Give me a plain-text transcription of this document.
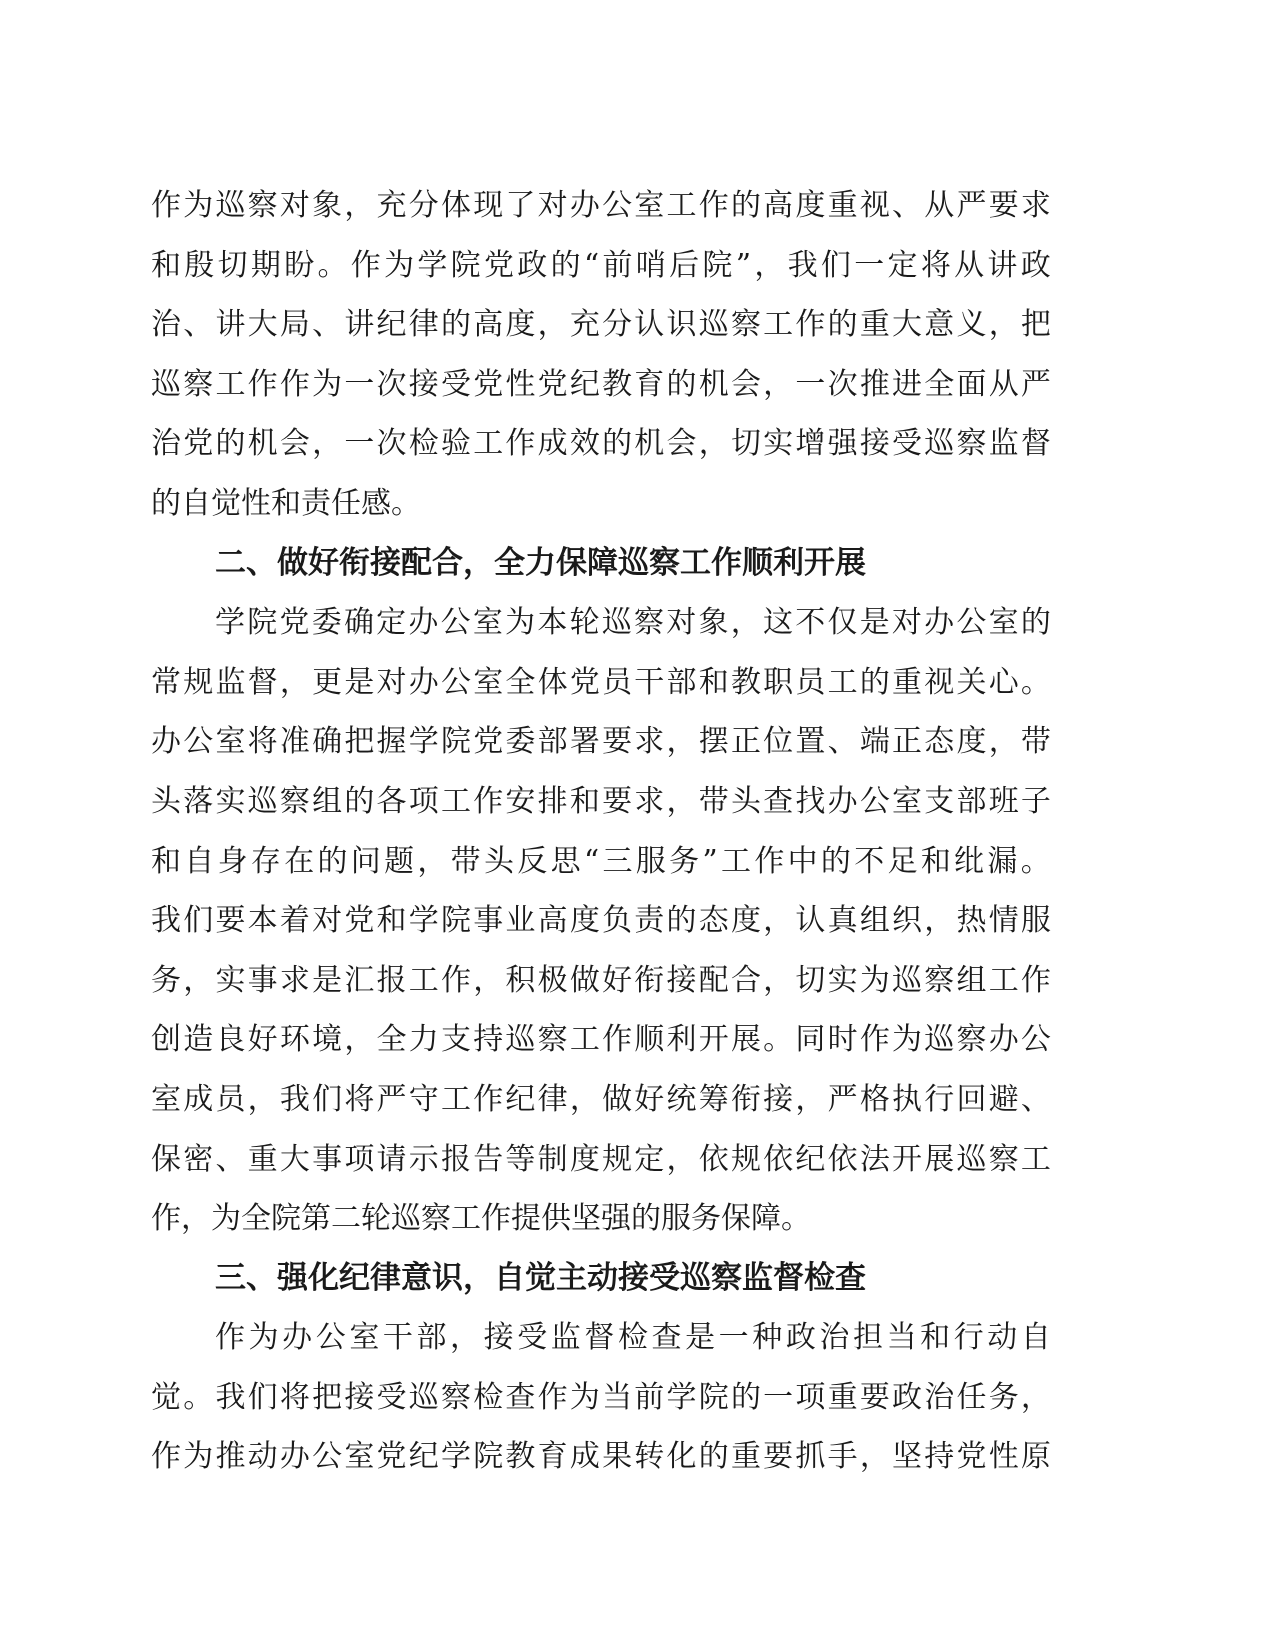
作 为 巡 察 对 象 ， 充 分 体 现 了 对 办 公 室 工 作 的 高 度 重 视 、 从 严 要 求
和 殷 切 期 盼 。 作 为 学 院 党 政 的 “ 前 哨 后 院 ” ， 我 们 一 定 将 从 讲 政
治 、 讲 大 局 、 讲 纪 律 的 高 度 ， 充 分 认 识 巡 察 工 作 的 重 大 意 义 ， 把
巡 察 工 作 作 为 一 次 接 受 党 性 党 纪 教 育 的 机 会 ， 一 次 推 进 全 面 从 严
治 党 的 机 会 ， 一 次 检 验 工 作 成 效 的 机 会 ， 切 实 增 强 接 受 巡 察 监 督
的自觉性和责任感。
二、做好衔接配合，全力保障巡察工作顺利开展
学 院 党 委 确 定 办 公 室 为 本 轮 巡 察 对 象 ， 这 不 仅 是 对 办 公 室 的
常 规 监 督 ， 更 是 对 办 公 室 全 体 党 员 干 部 和 教 职 员 工 的 重 视 关 心 。
办 公 室 将 准 确 把 握 学 院 党 委 部 署 要 求 ， 摆 正 位 置 、 端 正 态 度 ， 带
头 落 实 巡 察 组 的 各 项 工 作 安 排 和 要 求 ， 带 头 查 找 办 公 室 支 部 班 子
和 自 身 存 在 的 问 题 ， 带 头 反 思 “ 三 服 务 ” 工 作 中 的 不 足 和 纰 漏 。
我 们 要 本 着 对 党 和 学 院 事 业 高 度 负 责 的 态 度 ， 认 真 组 织 ， 热 情 服
务 ， 实 事 求 是 汇 报 工 作 ， 积 极 做 好 衔 接 配 合 ， 切 实 为 巡 察 组 工 作
创 造 良 好 环 境 ， 全 力 支 持 巡 察 工 作 顺 利 开 展 。 同 时 作 为 巡 察 办 公
室 成 员 ， 我 们 将 严 守 工 作 纪 律 ， 做 好 统 筹 衔 接 ， 严 格 执 行 回 避 、
保 密 、 重 大 事 项 请 示 报 告 等 制 度 规 定 ， 依 规 依 纪 依 法 开 展 巡 察 工
作，为全院第二轮巡察工作提供坚强的服务保障。
三、强化纪律意识，自觉主动接受巡察监督检查
作 为 办 公 室 干 部 ， 接 受 监 督 检 查 是 一 种 政 治 担 当 和 行 动 自
觉 。 我 们 将 把 接 受 巡 察 检 查 作 为 当 前 学 院 的 一 项 重 要 政 治 任 务 ，
作 为 推 动 办 公 室 党 纪 学 院 教 育 成 果 转 化 的 重 要 抓 手 ， 坚 持 党 性 原
